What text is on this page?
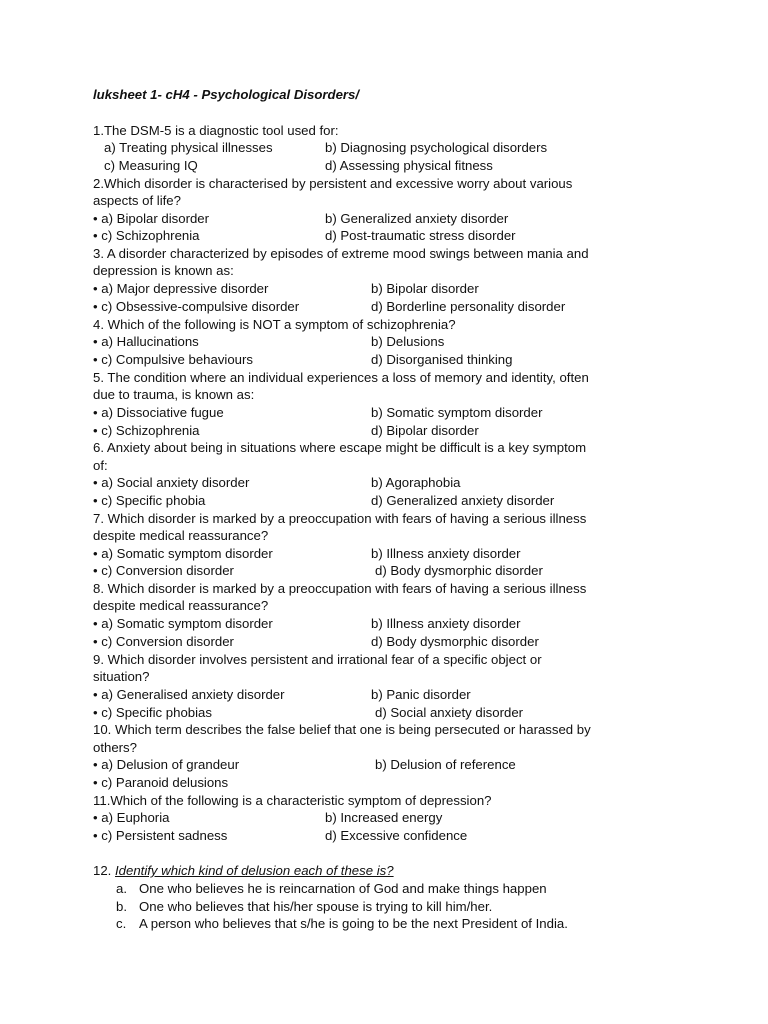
luksheet 1- cH4 - Psychological Disorders/
1.The DSM-5 is a diagnostic tool used for:
a) Treating physical illnesses	b) Diagnosing psychological disorders
c) Measuring IQ	d) Assessing physical fitness
2.Which disorder is characterised by persistent and excessive worry about various
aspects of life?
• a) Bipolar disorder	b) Generalized anxiety disorder
• c) Schizophrenia	d) Post-traumatic stress disorder
3. A disorder characterized by episodes of extreme mood swings between mania and
depression is known as:
• a) Major depressive disorder	b) Bipolar disorder
• c) Obsessive-compulsive disorder	d) Borderline personality disorder
4. Which of the following is NOT a symptom of schizophrenia?
• a) Hallucinations	b) Delusions
• c) Compulsive behaviours	d) Disorganised thinking
5. The condition where an individual experiences a loss of memory and identity, often
due to trauma, is known as:
• a) Dissociative fugue	b) Somatic symptom disorder
• c) Schizophrenia	d) Bipolar disorder
6. Anxiety about being in situations where escape might be difficult is a key symptom
of:
• a) Social anxiety disorder	b) Agoraphobia
• c) Specific phobia	d) Generalized anxiety disorder
7. Which disorder is marked by a preoccupation with fears of having a serious illness
despite medical reassurance?
• a) Somatic symptom disorder	b) Illness anxiety disorder
• c) Conversion disorder	d) Body dysmorphic disorder
8. Which disorder is marked by a preoccupation with fears of having a serious illness
despite medical reassurance?
• a) Somatic symptom disorder	b) Illness anxiety disorder
• c) Conversion disorder	d) Body dysmorphic disorder
9. Which disorder involves persistent and irrational fear of a specific object or
situation?
• a) Generalised anxiety disorder	b) Panic disorder
• c) Specific phobias	d) Social anxiety disorder
10. Which term describes the false belief that one is being persecuted or harassed by
others?
• a) Delusion of grandeur	b) Delusion of reference
• c) Paranoid delusions
11.Which of the following is a characteristic symptom of depression?
• a) Euphoria	b) Increased energy
• c) Persistent sadness	d) Excessive confidence
12. Identify which kind of delusion each of these is?
a. One who believes he is reincarnation of God and make things happen
b. One who believes that his/her spouse is trying to kill him/her.
c. A person who believes that s/he is going to be the next President of India.
